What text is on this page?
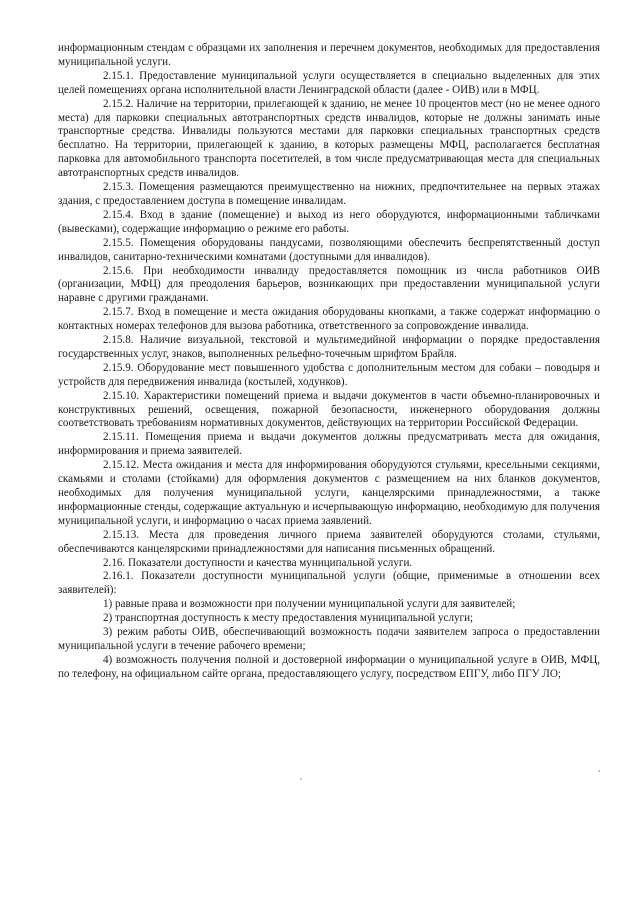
информационным стендам с образцами их заполнения и перечнем документов, необходимых для предоставления муниципальной услуги.

2.15.1. Предоставление муниципальной услуги осуществляется в специально выделенных для этих целей помещениях органа исполнительной власти Ленинградской области (далее - ОИВ) или в МФЦ.

2.15.2. Наличие на территории, прилегающей к зданию, не менее 10 процентов мест (но не менее одного места) для парковки специальных автотранспортных средств инвалидов, которые не должны занимать иные транспортные средства. Инвалиды пользуются местами для парковки специальных транспортных средств бесплатно. На территории, прилегающей к зданию, в которых размещены МФЦ, располагается бесплатная парковка для автомобильного транспорта посетителей, в том числе предусматривающая места для специальных автотранспортных средств инвалидов.

2.15.3. Помещения размещаются преимущественно на нижних, предпочтительнее на первых этажах здания, с предоставлением доступа в помещение инвалидам.

2.15.4. Вход в здание (помещение) и выход из него оборудуются, информационными табличками (вывесками), содержащие информацию о режиме его работы.

2.15.5. Помещения оборудованы пандусами, позволяющими обеспечить беспрепятственный доступ инвалидов, санитарно-техническими комнатами (доступными для инвалидов).

2.15.6. При необходимости инвалиду предоставляется помощник из числа работников ОИВ (организации, МФЦ) для преодоления барьеров, возникающих при предоставлении муниципальной услуги наравне с другими гражданами.

2.15.7. Вход в помещение и места ожидания оборудованы кнопками, а также содержат информацию о контактных номерах телефонов для вызова работника, ответственного за сопровождение инвалида.

2.15.8. Наличие визуальной, текстовой и мультимедийной информации о порядке предоставления государственных услуг, знаков, выполненных рельефно-точечным шрифтом Брайля.

2.15.9. Оборудование мест повышенного удобства с дополнительным местом для собаки – поводыря и устройств для передвижения инвалида (костылей, ходунков).

2.15.10. Характеристики помещений приема и выдачи документов в части объемно-планировочных и конструктивных решений, освещения, пожарной безопасности, инженерного оборудования должны соответствовать требованиям нормативных документов, действующих на территории Российской Федерации.

2.15.11. Помещения приема и выдачи документов должны предусматривать места для ожидания, информирования и приема заявителей.

2.15.12. Места ожидания и места для информирования оборудуются стульями, кресельными секциями, скамьями и столами (стойками) для оформления документов с размещением на них бланков документов, необходимых для получения муниципальной услуги, канцелярскими принадлежностями, а также информационные стенды, содержащие актуальную и исчерпывающую информацию, необходимую для получения муниципальной услуги, и информацию о часах приема заявлений.

2.15.13. Места для проведения личного приема заявителей оборудуются столами, стульями, обеспечиваются канцелярскими принадлежностями для написания письменных обращений.

2.16. Показатели доступности и качества муниципальной услуги.

2.16.1. Показатели доступности муниципальной услуги (общие, применимые в отношении всех заявителей):

1) равные права и возможности при получении муниципальной услуги для заявителей;

2) транспортная доступность к месту предоставления муниципальной услуги;

3) режим работы ОИВ, обеспечивающий возможность подачи заявителем запроса о предоставлении муниципальной услуги в течение рабочего времени;

4) возможность получения полной и достоверной информации о муниципальной услуге в ОИВ, МФЦ, по телефону, на официальном сайте органа, предоставляющего услугу, посредством ЕПГУ, либо ПГУ ЛО;
